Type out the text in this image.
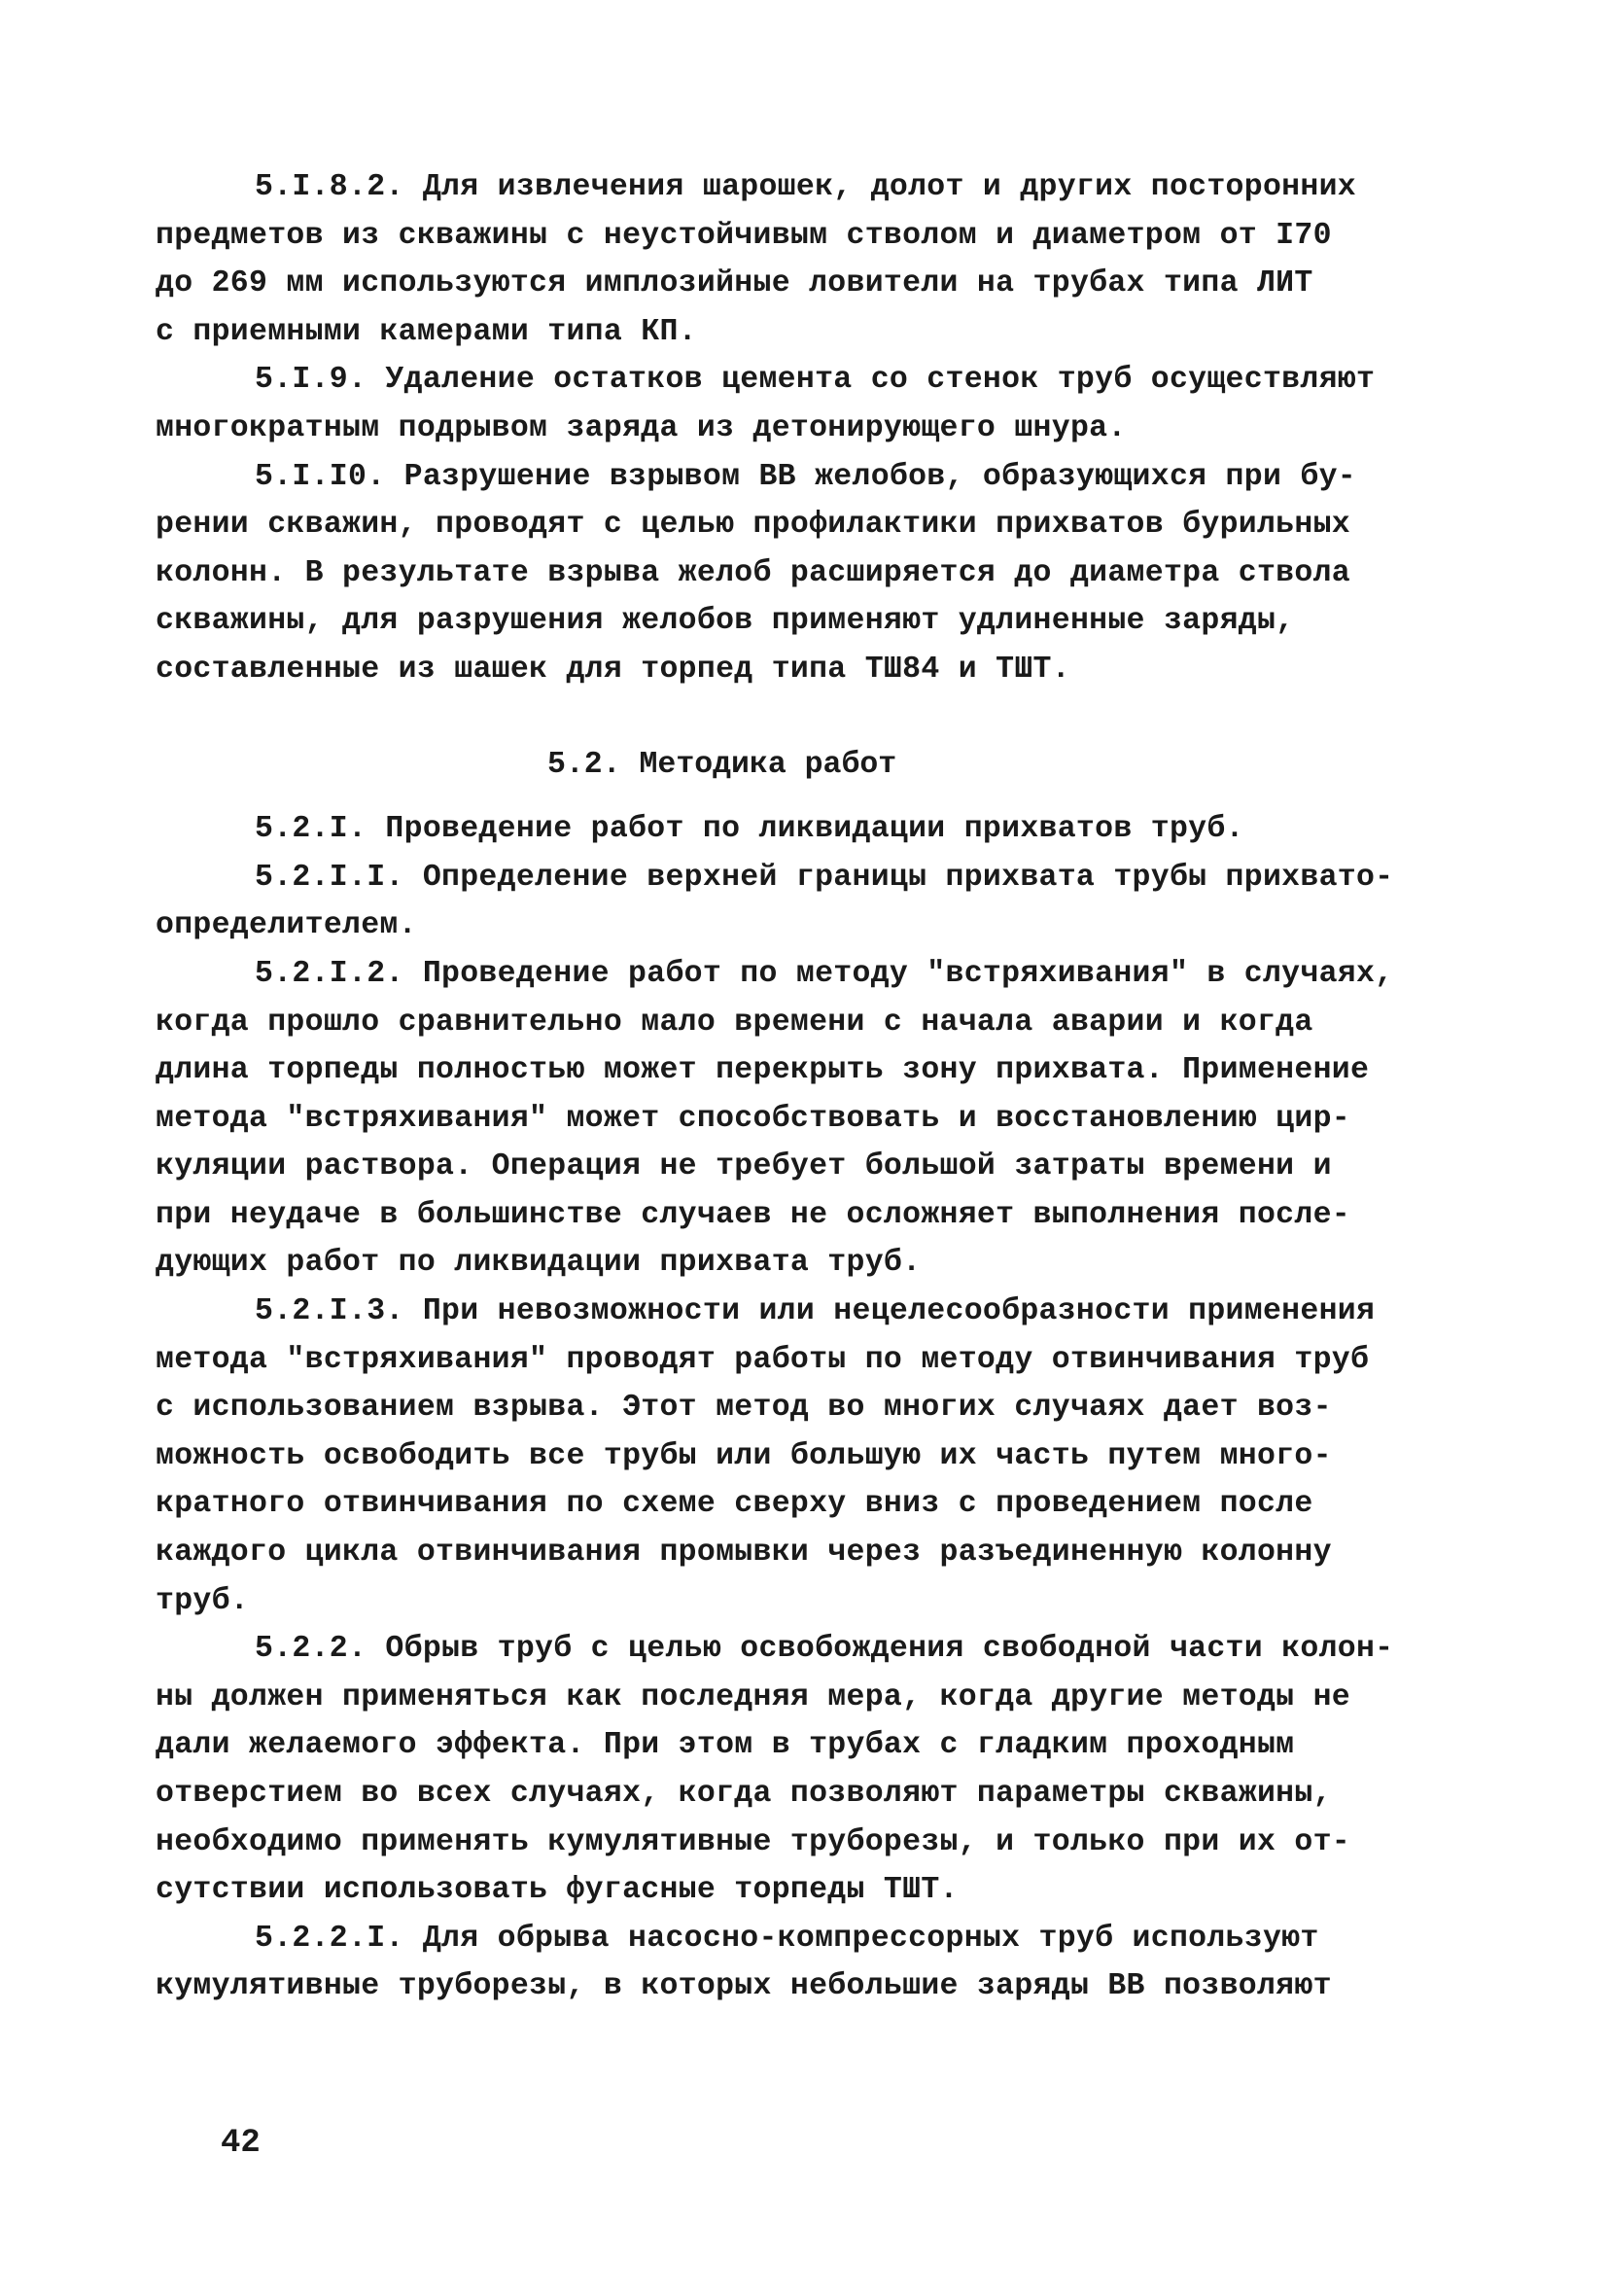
5.I.8.2. Для извлечения шарошек, долот и других посторонних
предметов из скважины с неустойчивым стволом и диаметром от I70
до 269 мм используются имплозийные ловители на трубах типа ЛИТ
с приемными камерами типа КП.
5.I.9. Удаление остатков цемента со стенок труб осуществляют
многократным подрывом заряда из детонирующего шнура.
5.I.I0. Разрушение взрывом ВВ желобов, образующихся при бу-
рении скважин, проводят с целью профилактики прихватов бурильных
колонн. В результате взрыва желоб расширяется до диаметра ствола
скважины, для разрушения желобов применяют удлиненные заряды,
составленные из шашек для торпед типа ТШ84 и ТШТ.
5.2. Методика работ
5.2.I. Проведение работ по ликвидации прихватов труб.
5.2.I.I. Определение верхней границы прихвата трубы прихвато-
определителем.
5.2.I.2. Проведение работ по методу "встряхивания" в случаях,
когда прошло сравнительно мало времени с начала аварии и когда
длина торпеды полностью может перекрыть зону прихвата. Применение
метода "встряхивания" может способствовать и восстановлению цир-
куляции раствора. Операция не требует большой затраты времени и
при неудаче в большинстве случаев не осложняет выполнения после-
дующих работ по ликвидации прихвата труб.
5.2.I.3. При невозможности или нецелесообразности применения
метода "встряхивания" проводят работы по методу отвинчивания труб
с использованием взрыва. Этот метод во многих случаях дает воз-
можность освободить все трубы или большую их часть путем много-
кратного отвинчивания по схеме сверху вниз с проведением после
каждого цикла отвинчивания промывки через разъединенную колонну
труб.
5.2.2. Обрыв труб с целью освобождения свободной части колон-
ны должен применяться как последняя мера, когда другие методы не
дали желаемого эффекта. При этом в трубах с гладким проходным
отверстием во всех случаях, когда позволяют параметры скважины,
необходимо применять кумулятивные труборезы, и только при их от-
сутствии использовать фугасные торпеды ТШТ.
5.2.2.I. Для обрыва насосно-компрессорных труб используют
кумулятивные труборезы, в которых небольшие заряды ВВ позволяют
42
